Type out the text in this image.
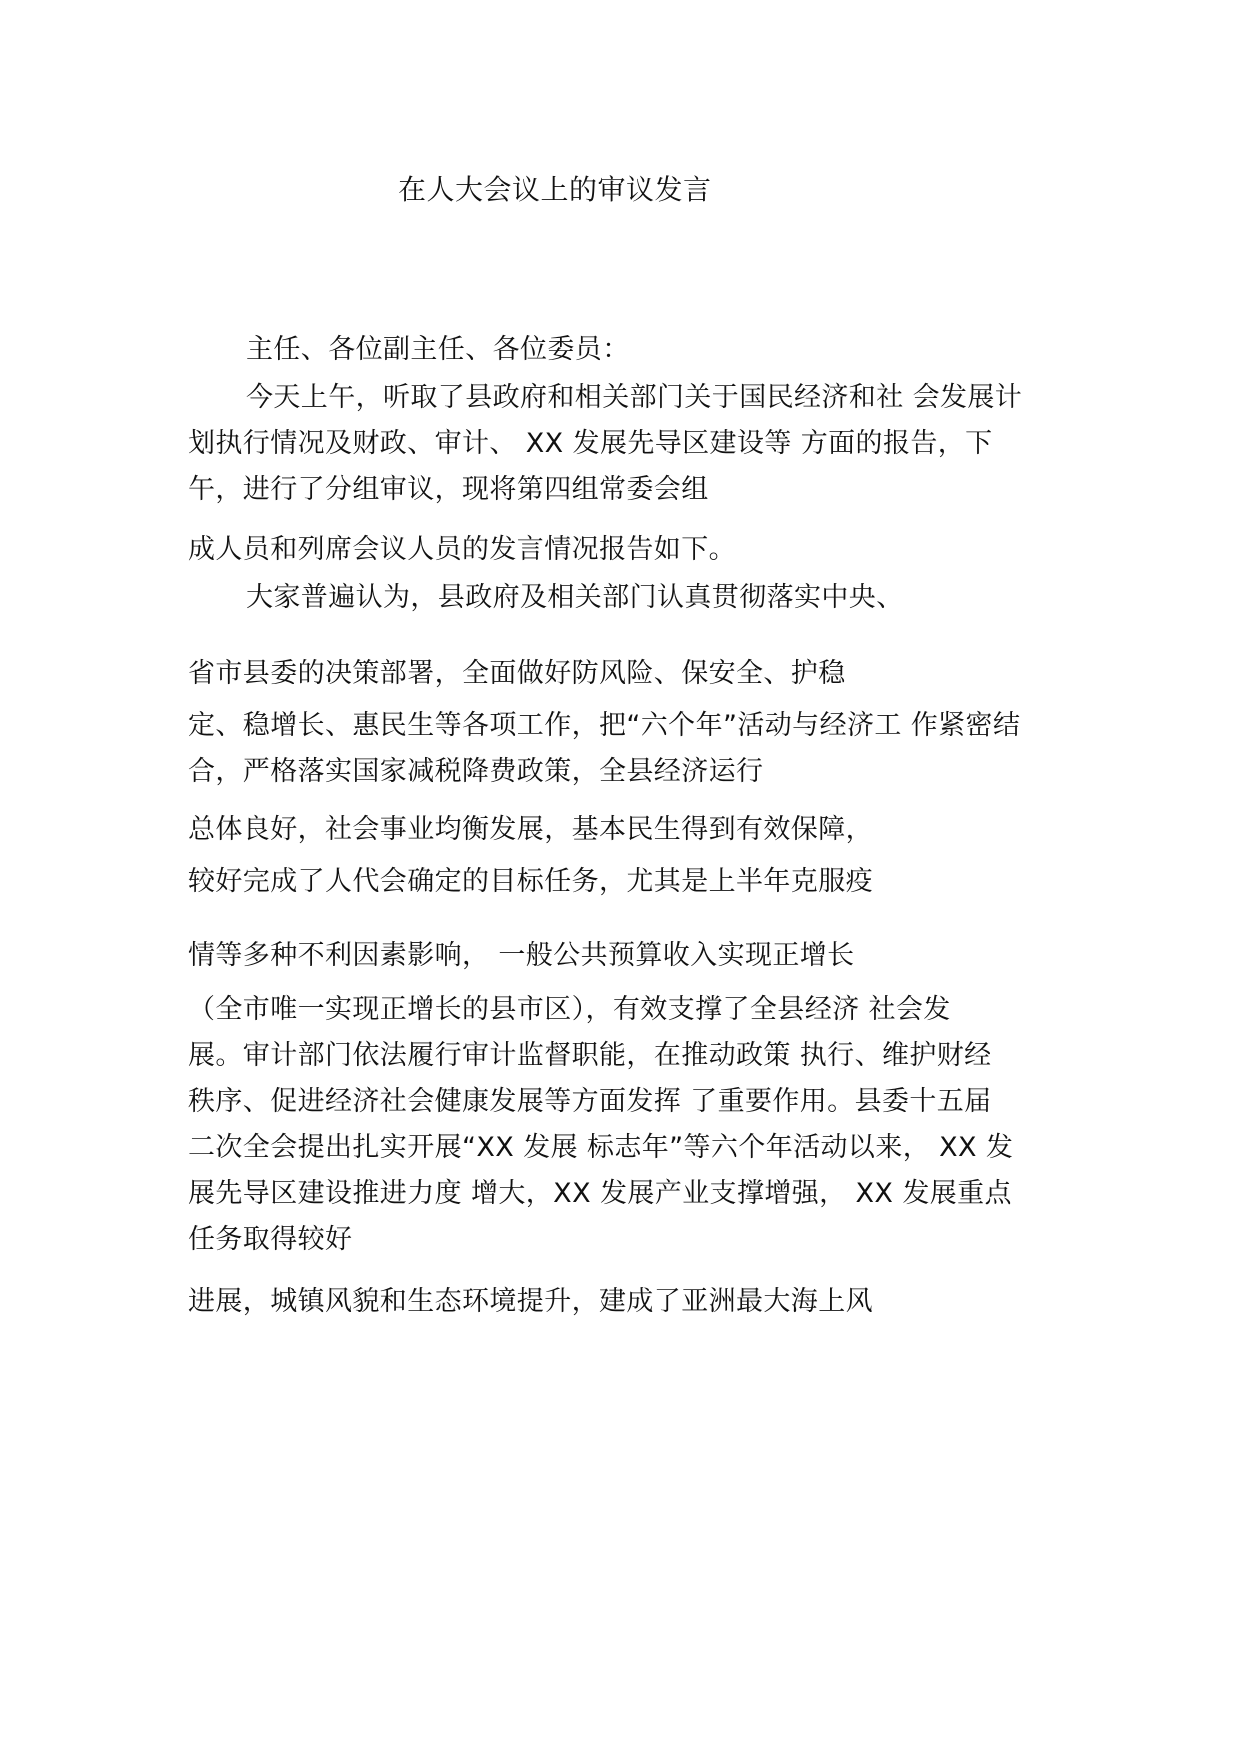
在人大会议上的审议发言
主任、各位副主任、各位委员：
今天上午，听取了县政府和相关部门关于国民经济和社 会发展计
划执行情况及财政、审计、 XX 发展先导区建设等 方面的报告，下
午，进行了分组审议，现将第四组常委会组
成人员和列席会议人员的发言情况报告如下。
大家普遍认为，县政府及相关部门认真贯彻落实中央、
省市县委的决策部署，全面做好防风险、保安全、护稳
定、稳增长、惠民生等各项工作，把“六个年”活动与经济工 作紧密结
合，严格落实国家减税降费政策，全县经济运行
总体良好，社会事业均衡发展，基本民生得到有效保障，
较好完成了人代会确定的目标任务，尤其是上半年克服疫
情等多种不利因素影响， 一般公共预算收入实现正增长
（全市唯一实现正增长的县市区），有效支撑了全县经济 社会发
展。审计部门依法履行审计监督职能，在推动政策 执行、维护财经
秩序、促进经济社会健康发展等方面发挥 了重要作用。县委十五届
二次全会提出扎实开展“XX 发展 标志年”等六个年活动以来， XX 发
展先导区建设推进力度 增大，XX 发展产业支撑增强， XX 发展重点
任务取得较好
进展，城镇风貌和生态环境提升，建成了亚洲最大海上风
